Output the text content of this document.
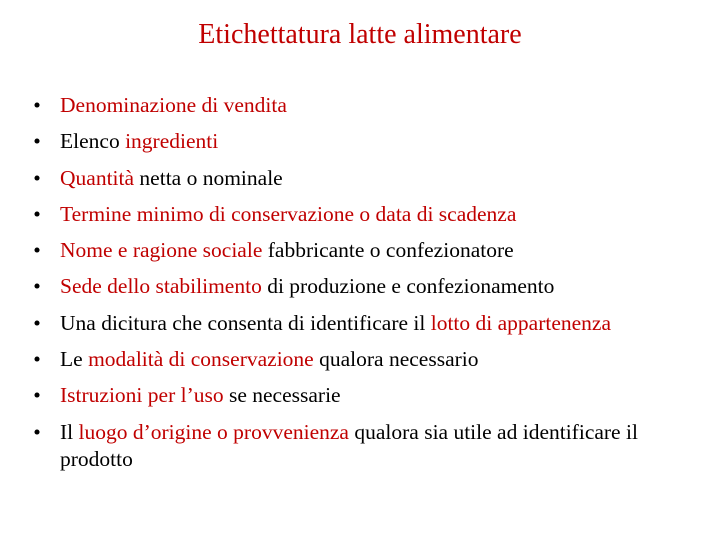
Etichettatura latte alimentare
• Denominazione di vendita
• Elenco ingredienti
• Quantità netta o nominale
• Termine minimo di conservazione o data di scadenza
• Nome e ragione sociale fabbricante o confezionatore
• Sede dello stabilimento di produzione e confezionamento
• Una dicitura che consenta di identificare il lotto di appartenenza
• Le modalità di conservazione qualora necessario
• Istruzioni per l’uso se necessarie
• Il luogo d’origine o provvenienza qualora sia utile ad identificare il prodotto
